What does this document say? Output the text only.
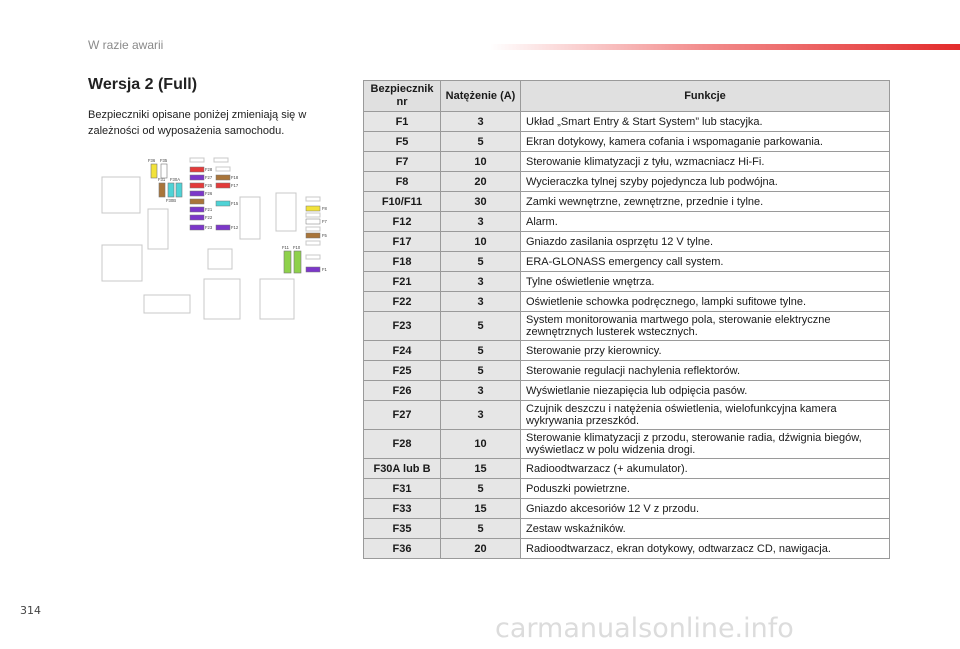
W razie awarii
Wersja 2 (Full)
Bezpieczniki opisane poniżej zmieniają się w zależności od wyposażenia samochodu.
F36 F35
F31 F30A
F30B
F28
F27	F18
F17
F25
F26
F21
F22
F23
F15
F12
F8
F7
F5
F1
F11 F10
Bezpiecznik nr	Natężenie (A)	Funkcje
F1	3	Układ „Smart Entry & Start System” lub stacyjka.
F5	5	Ekran dotykowy, kamera cofania i wspomaganie parkowania.
F7	10	Sterowanie klimatyzacji z tyłu, wzmacniacz Hi-Fi.
F8	20	Wycieraczka tylnej szyby pojedyncza lub podwójna.
F10/F11	30	Zamki wewnętrzne, zewnętrzne, przednie i tylne.
F12	3	Alarm.
F17	10	Gniazdo zasilania osprzętu 12 V tylne.
F18	5	ERA-GLONASS emergency call system.
F21	3	Tylne oświetlenie wnętrza.
F22	3	Oświetlenie schowka podręcznego, lampki sufitowe tylne.
F23	5	System monitorowania martwego pola, sterowanie elektryczne zewnętrznych lusterek wstecznych.
F24	5	Sterowanie przy kierownicy.
F25	5	Sterowanie regulacji nachylenia reflektorów.
F26	3	Wyświetlanie niezapięcia lub odpięcia pasów.
F27	3	Czujnik deszczu i natężenia oświetlenia, wielofunkcyjna kamera wykrywania przeszkód.
F28	10	Sterowanie klimatyzacji z przodu, sterowanie radia, dźwignia biegów, wyświetlacz w polu widzenia drogi.
F30A lub B	15	Radioodtwarzacz (+ akumulator).
F31	5	Poduszki powietrzne.
F33	15	Gniazdo akcesoriów 12 V z przodu.
F35	5	Zestaw wskaźników.
F36	20	Radioodtwarzacz, ekran dotykowy, odtwarzacz CD, nawigacja.
314
carmanualsonline.info
